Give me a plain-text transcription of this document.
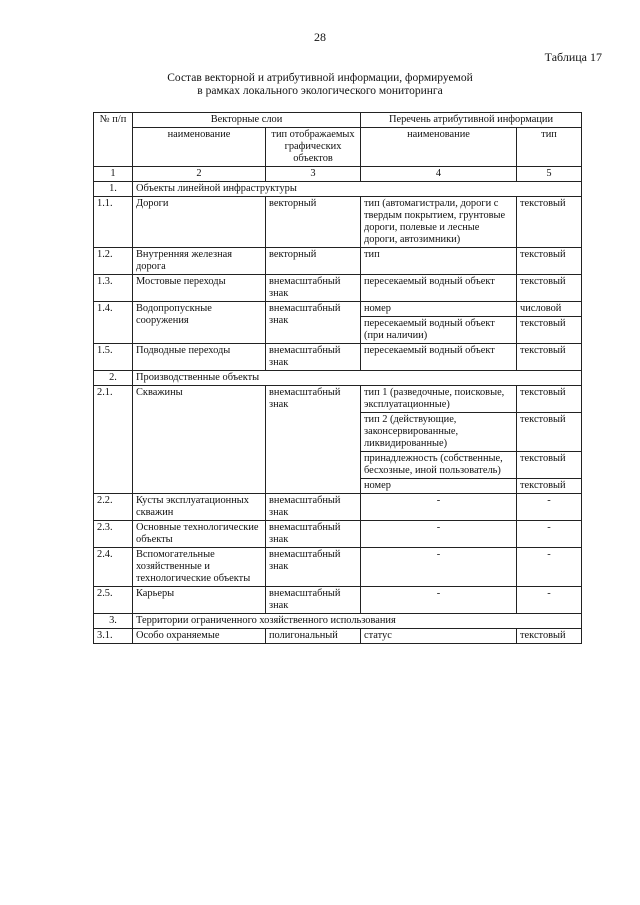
28
Таблица 17
Состав векторной и атрибутивной информации, формируемой
в рамках локального экологического мониторинга
№ п/п	Векторные слои		Перечень атрибутивной информации	
	наименование	тип отображаемых графических объектов	наименование	тип
1	2	3	4	5
1.	Объекты линейной инфраструктуры			
1.1.	Дороги	векторный	тип (автомагистрали, дороги с твердым покрытием, грунтовые дороги, полевые и лесные дороги, автозимники)	текстовый
1.2.	Внутренняя железная дорога	векторный	тип	текстовый
1.3.	Мостовые переходы	внемасштабный знак	пересекаемый водный объект	текстовый
1.4.	Водопропускные сооружения	внемасштабный знак	номер	числовой
			пересекаемый водный объект (при наличии)	текстовый
1.5.	Подводные переходы	внемасштабный знак	пересекаемый водный объект	текстовый
2.	Производственные объекты			
2.1.	Скважины	внемасштабный знак	тип 1 (разведочные, поисковые, эксплуатационные)	текстовый
			тип 2 (действующие, законсервированные, ликвидированные)	текстовый
			принадлежность (собственные, бесхозные, иной пользователь)	текстовый
			номер	текстовый
2.2.	Кусты эксплуатационных скважин	внемасштабный знак	-	-
2.3.	Основные технологические объекты	внемасштабный знак	-	-
2.4.	Вспомогательные хозяйственные и технологические объекты	внемасштабный знак	-	-
2.5.	Карьеры	внемасштабный знак	-	-
3.	Территории ограниченного хозяйственного использования			
3.1.	Особо охраняемые	полигональный	статус	текстовый
